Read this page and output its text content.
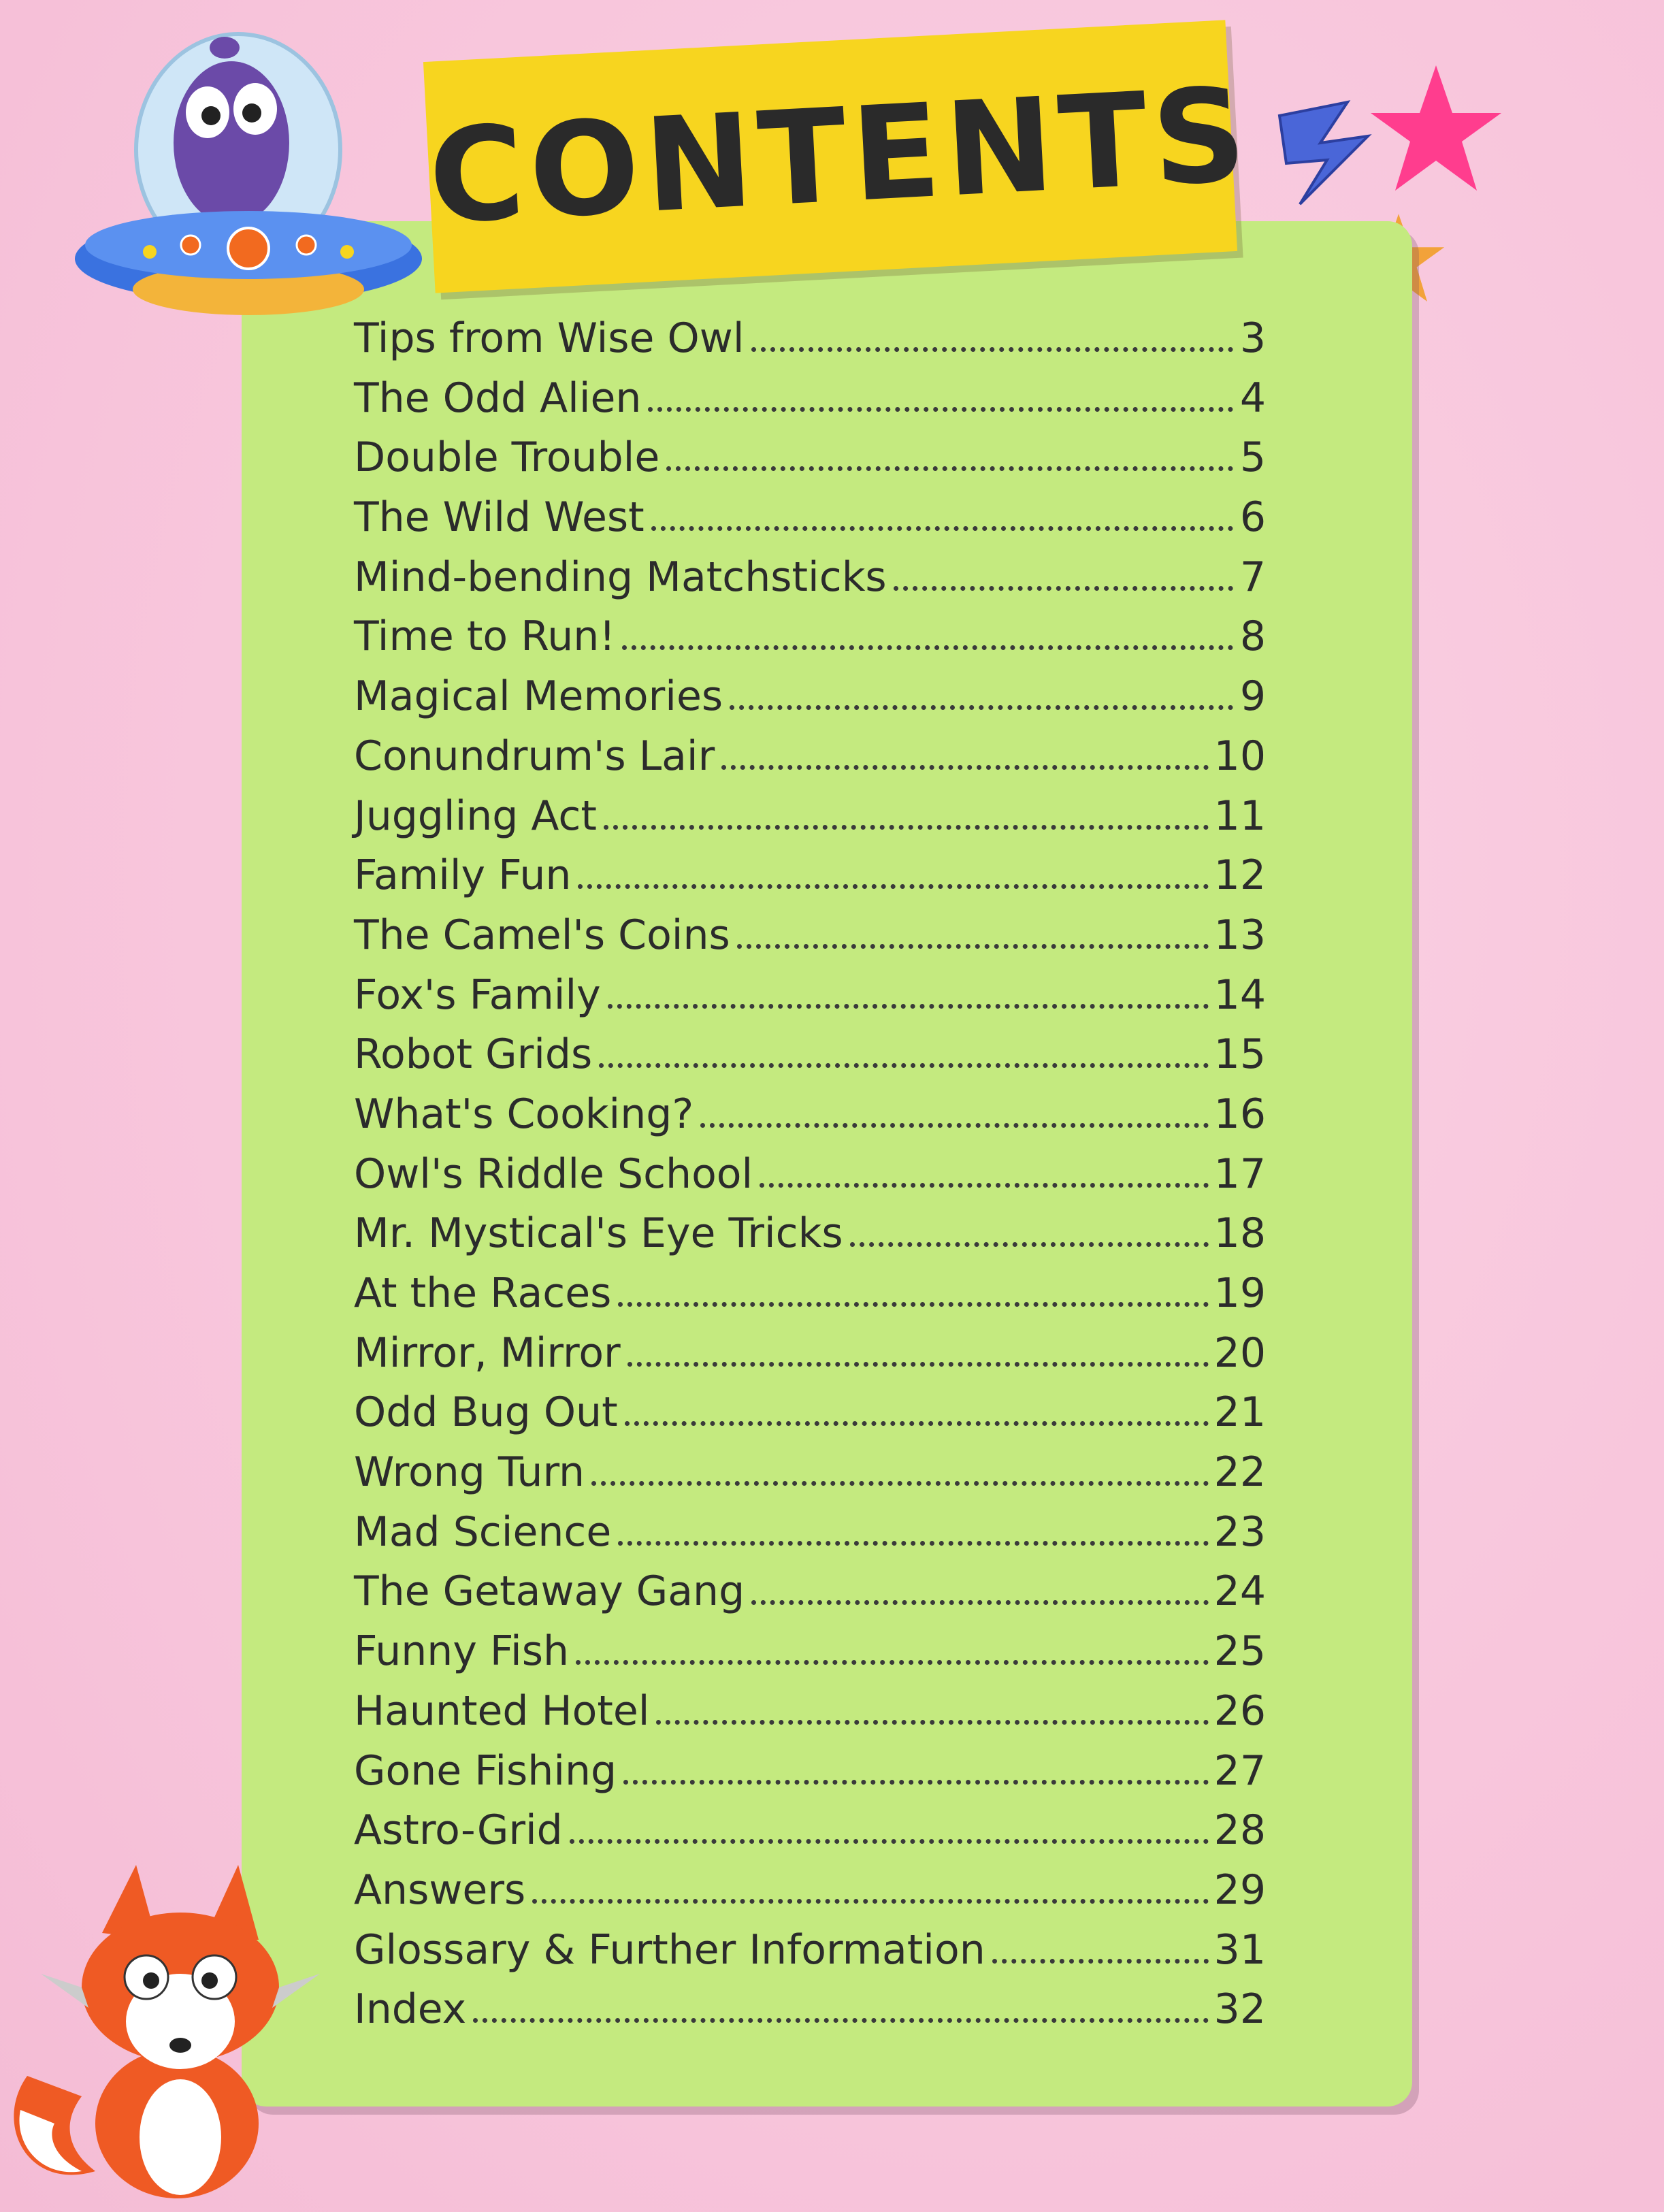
CONTENTS
Tips from Wise Owl	3
The Odd Alien	4
Double Trouble	5
The Wild West	6
Mind-bending Matchsticks	7
Time to Run!	8
Magical Memories	9
Conundrum's Lair	10
Juggling Act	11
Family Fun	12
The Camel's Coins	13
Fox's Family	14
Robot Grids	15
What's Cooking?	16
Owl's Riddle School	17
Mr. Mystical's Eye Tricks	18
At the Races	19
Mirror, Mirror	20
Odd Bug Out	21
Wrong Turn	22
Mad Science	23
The Getaway Gang	24
Funny Fish	25
Haunted Hotel	26
Gone Fishing	27
Astro-Grid	28
Answers	29
Glossary & Further Information	31
Index	32
